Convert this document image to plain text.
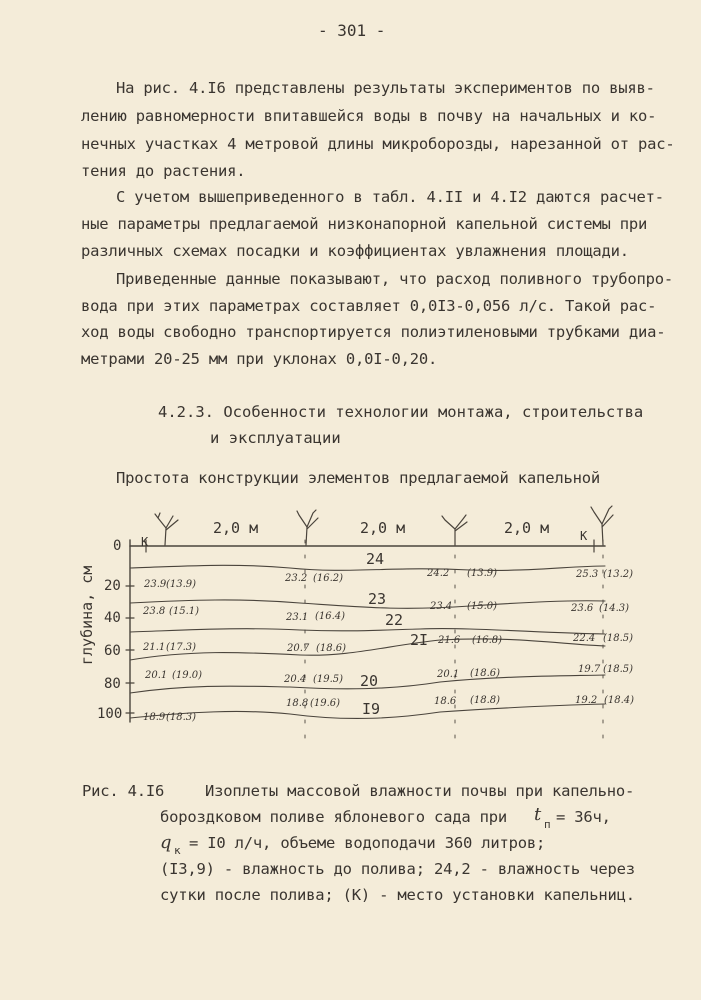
- 301 -
На рис. 4.I6 представлены результаты экспериментов по выяв-
лению равномерности впитавшейся воды в почву на начальных и ко-
нечных участках 4 метровой длины микроборозды, нарезанной от рас-
тения до растения.
С учетом вышеприведенного в табл. 4.II и 4.I2 даются расчет-
ные параметры предлагаемой низконапорной капельной системы при
различных схемах посадки и коэффициентах увлажнения площади.
Приведенные данные показывают, что расход поливного трубопро-
вода при этих параметрах составляет 0,0I3-0,056 л/с. Такой рас-
ход воды свободно транспортируется полиэтиленовыми трубками диа-
метрами 20-25 мм при уклонах 0,0I-0,20.
4.2.3. Особенности технологии монтажа, строительства
и эксплуатации
Простота конструкции элементов предлагаемой капельной
2,0 м	2,0 м	2,0 м
К	К
глубина, см
0
20
40
60
80
100
24
23
22
2I
20
I9
23.9 (13.9)
23.2 (16.2)	24.2 (13.9)	25.3 (13.2)
23.8 (15.1)
23.1 (16.4)
23.4 (15.0)	23.6 (14.3)
21.1 (17.3)	20.7 (18.6)
21.6 (16.8)	22.4 (18.5)
20.1 (19.0)	20.4 (19.5)	20.1 (18.6)	19.7 (18.5)
18.9 (18.3)
18.8 (19.6)	18.6 (18.8)	19.2 (18.4)
Рис. 4.I6	Изоплеты массовой влажности почвы при капельно-
бороздковом поливе яблоневого сада при t п = 36ч,
q к = I0 л/ч, объеме водоподачи 360 литров;
(I3,9) - влажность до полива; 24,2 - влажность через
сутки после полива; (К) - место установки капельниц.
